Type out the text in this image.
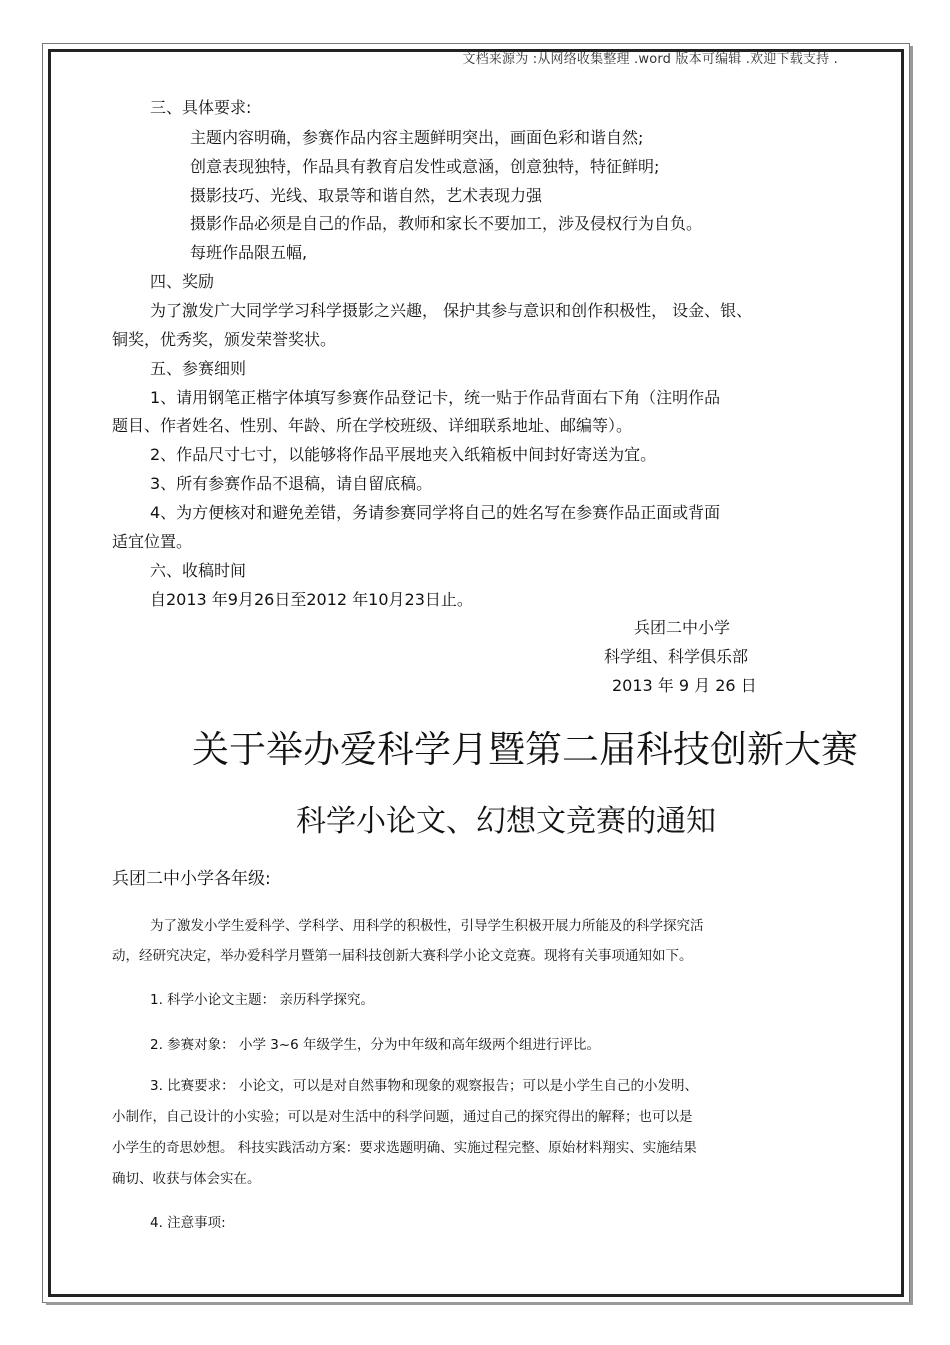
文档来源为 :从网络收集整理 .word 版本可编辑 .欢迎下载支持 .
三、具体要求:
主题内容明确，参赛作品内容主题鲜明突出，画面色彩和谐自然;
创意表现独特，作品具有教育启发性或意涵，创意独特，特征鲜明;
摄影技巧、光线、取景等和谐自然，艺术表现力强
摄影作品必须是自己的作品，教师和家长不要加工，涉及侵权行为自负。
每班作品限五幅,
四、奖励
为了激发广大同学学习科学摄影之兴趣， 保护其参与意识和创作积极性， 设金、银、
铜奖，优秀奖，颁发荣誉奖状。
五、参赛细则
1、请用钢笔正楷字体填写参赛作品登记卡，统一贴于作品背面右下角（注明作品
题目、作者姓名、性别、年龄、所在学校班级、详细联系地址、邮编等）。
2、作品尺寸七寸，以能够将作品平展地夹入纸箱板中间封好寄送为宜。
3、所有参赛作品不退稿，请自留底稿。
4、为方便核对和避免差错，务请参赛同学将自己的姓名写在参赛作品正面或背面
适宜位置。
六、收稿时间
自2013 年9月26日至2012 年10月23日止。
兵团二中小学
科学组、科学俱乐部
2013 年 9 月 26 日
关于举办爱科学月暨第二届科技创新大赛
科学小论文、幻想文竞赛的通知
兵团二中小学各年级:
为了激发小学生爱科学、学科学、用科学的积极性，引导学生积极开展力所能及的科学探究活
动，经研究决定，举办爱科学月暨第一届科技创新大赛科学小论文竞赛。现将有关事项通知如下。
1. 科学小论文主题： 亲历科学探究。
2. 参赛对象： 小学 3~6 年级学生，分为中年级和高年级两个组进行评比。
3. 比赛要求： 小论文，可以是对自然事物和现象的观察报告；可以是小学生自己的小发明、
小制作，自己设计的小实验；可以是对生活中的科学问题，通过自己的探究得出的解释；也可以是
小学生的奇思妙想。 科技实践活动方案：要求选题明确、实施过程完整、原始材料翔实、实施结果
确切、收获与体会实在。
4. 注意事项:
